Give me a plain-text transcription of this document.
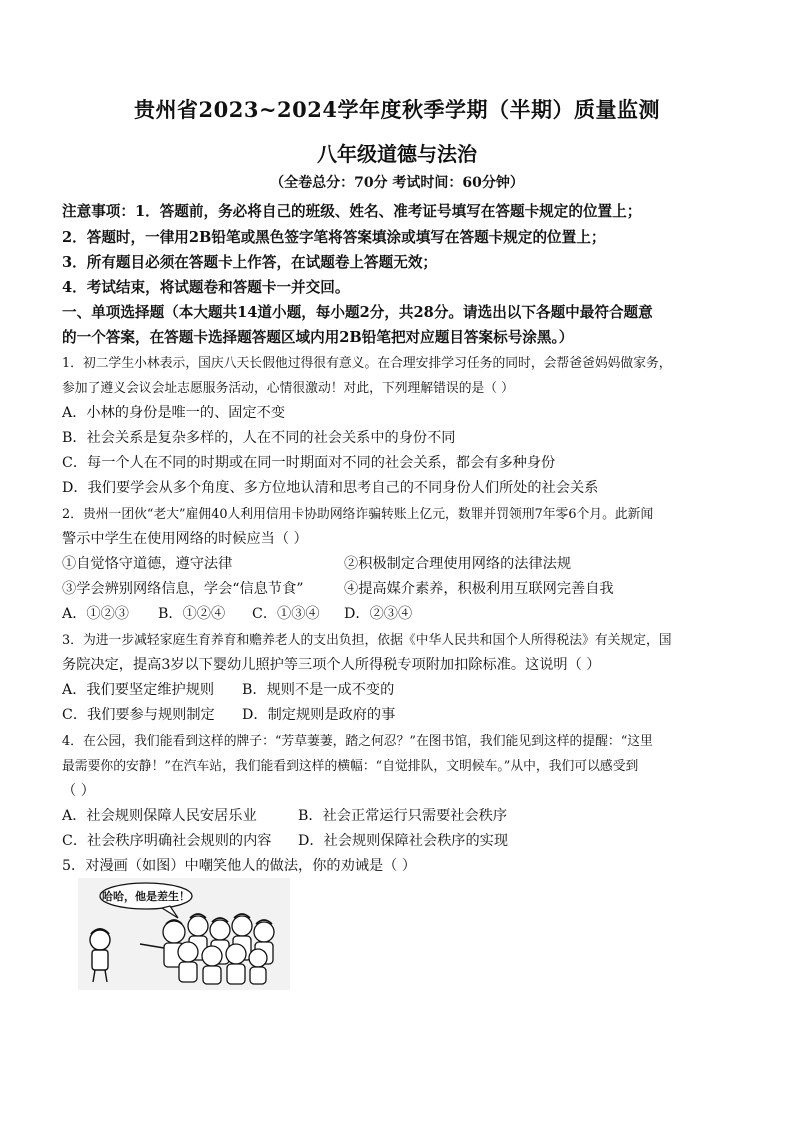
贵州省2023~2024学年度秋季学期（半期）质量监测
八年级道德与法治
（全卷总分：70分 考试时间：60分钟）
注意事项：1．答题前，务必将自己的班级、姓名、准考证号填写在答题卡规定的位置上；
2．答题时，一律用2B铅笔或黑色签字笔将答案填涂或填写在答题卡规定的位置上；
3．所有题目必须在答题卡上作答，在试题卷上答题无效；
4．考试结束，将试题卷和答题卡一并交回。
一、单项选择题（本大题共14道小题，每小题2分，共28分。请选出以下各题中最符合题意
的一个答案，在答题卡选择题答题区域内用2B铅笔把对应题目答案标号涂黑。）
1．初二学生小林表示，国庆八天长假他过得很有意义。在合理安排学习任务的同时，会帮爸爸妈妈做家务，
参加了遵义会议会址志愿服务活动，心情很激动！对此，下列理解错误的是（ ）
A．小林的身份是唯一的、固定不变
B．社会关系是复杂多样的，人在不同的社会关系中的身份不同
C．每一个人在不同的时期或在同一时期面对不同的社会关系，都会有多种身份
D．我们要学会从多个角度、多方位地认清和思考自己的不同身份人们所处的社会关系
2．贵州一团伙“老大”雇佣40人利用信用卡协助网络诈骗转账上亿元，数罪并罚领刑7年零6个月。此新闻
警示中学生在使用网络的时候应当（ ）
①自觉恪守道德，遵守法律	②积极制定合理使用网络的法律法规
③学会辨别网络信息，学会“信息节食”	④提高媒介素养，积极利用互联网完善自我
A．①②③ B．①②④ C．①③④ D．②③④
3．为进一步减轻家庭生育养育和赡养老人的支出负担，依据《中华人民共和国个人所得税法》有关规定，国
务院决定，提高3岁以下婴幼儿照护等三项个人所得税专项附加扣除标准。这说明（ ）
A．我们要坚定维护规则 B．规则不是一成不变的
C．我们要参与规则制定 D．制定规则是政府的事
4．在公园，我们能看到这样的牌子：“芳草萋萋，踏之何忍？”在图书馆，我们能见到这样的提醒：“这里
最需要你的安静！”在汽车站，我们能看到这样的横幅：“自觉排队，文明候车。”从中，我们可以感受到
（ ）
A．社会规则保障人民安居乐业	B．社会正常运行只需要社会秩序
C．社会秩序明确社会规则的内容 D．社会规则保障社会秩序的实现
5．对漫画（如图）中嘲笑他人的做法，你的劝诫是（ ）
哈哈，他是差生！
